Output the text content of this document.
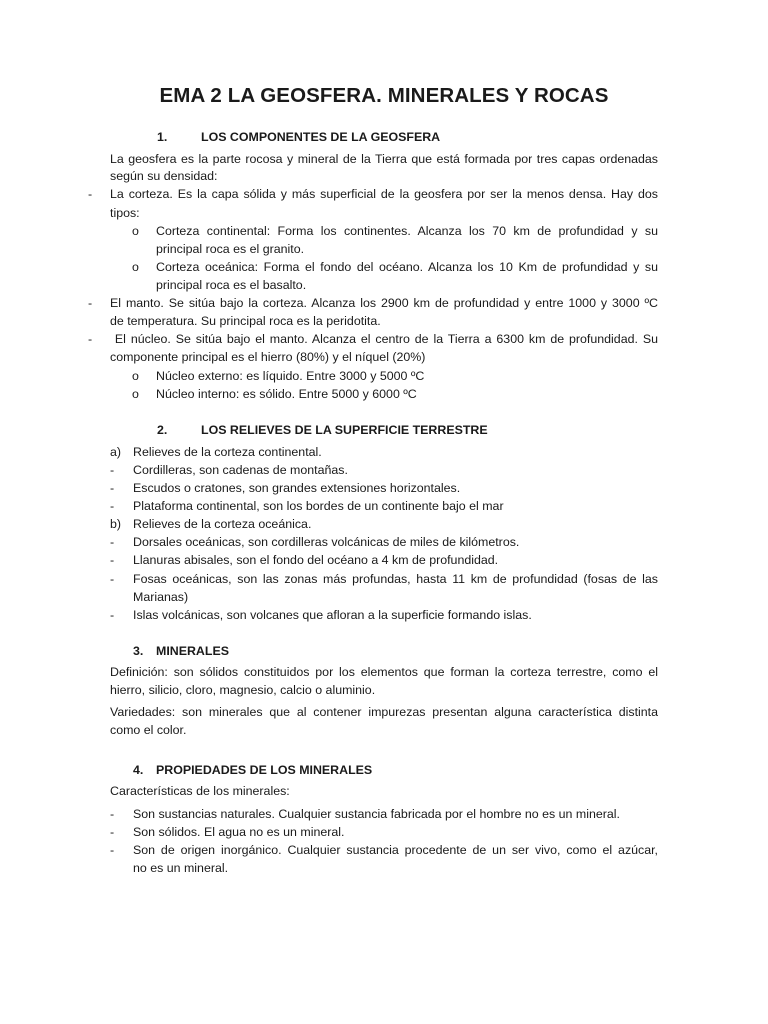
EMA 2 LA GEOSFERA. MINERALES Y ROCAS
1.	LOS COMPONENTES DE LA GEOSFERA
La geosfera es la parte rocosa y mineral de la Tierra que está formada por tres capas ordenadas
según su densidad:
- La corteza. Es la capa sólida y más superficial de la geosfera por ser la menos densa. Hay dos
tipos:
o Corteza continental: Forma los continentes. Alcanza los 70 km de profundidad y su
principal roca es el granito.
o Corteza oceánica: Forma el fondo del océano. Alcanza los 10 Km de profundidad y su
principal roca es el basalto.
- El manto. Se sitúa bajo la corteza. Alcanza los 2900 km de profundidad y entre 1000 y 3000 ºC
de temperatura. Su principal roca es la peridotita.
- El núcleo. Se sitúa bajo el manto. Alcanza el centro de la Tierra a 6300 km de profundidad. Su
componente principal es el hierro (80%) y el níquel (20%)
o Núcleo externo: es líquido. Entre 3000 y 5000 ºC
o Núcleo interno: es sólido. Entre 5000 y 6000 ºC
2.	LOS RELIEVES DE LA SUPERFICIE TERRESTRE
a) Relieves de la corteza continental.
- Cordilleras, son cadenas de montañas.
- Escudos o cratones, son grandes extensiones horizontales.
- Plataforma continental, son los bordes de un continente bajo el mar
b) Relieves de la corteza oceánica.
- Dorsales oceánicas, son cordilleras volcánicas de miles de kilómetros.
- Llanuras abisales, son el fondo del océano a 4 km de profundidad.
- Fosas oceánicas, son las zonas más profundas, hasta 11 km de profundidad (fosas de las
Marianas)
- Islas volcánicas, son volcanes que afloran a la superficie formando islas.
3. MINERALES
Definición: son sólidos constituidos por los elementos que forman la corteza terrestre, como el
hierro, silicio, cloro, magnesio, calcio o aluminio.
Variedades: son minerales que al contener impurezas presentan alguna característica distinta
como el color.
4. PROPIEDADES DE LOS MINERALES
Características de los minerales:
- Son sustancias naturales. Cualquier sustancia fabricada por el hombre no es un mineral.
- Son sólidos. El agua no es un mineral.
- Son de origen inorgánico. Cualquier sustancia procedente de un ser vivo, como el azúcar,
no es un mineral.
